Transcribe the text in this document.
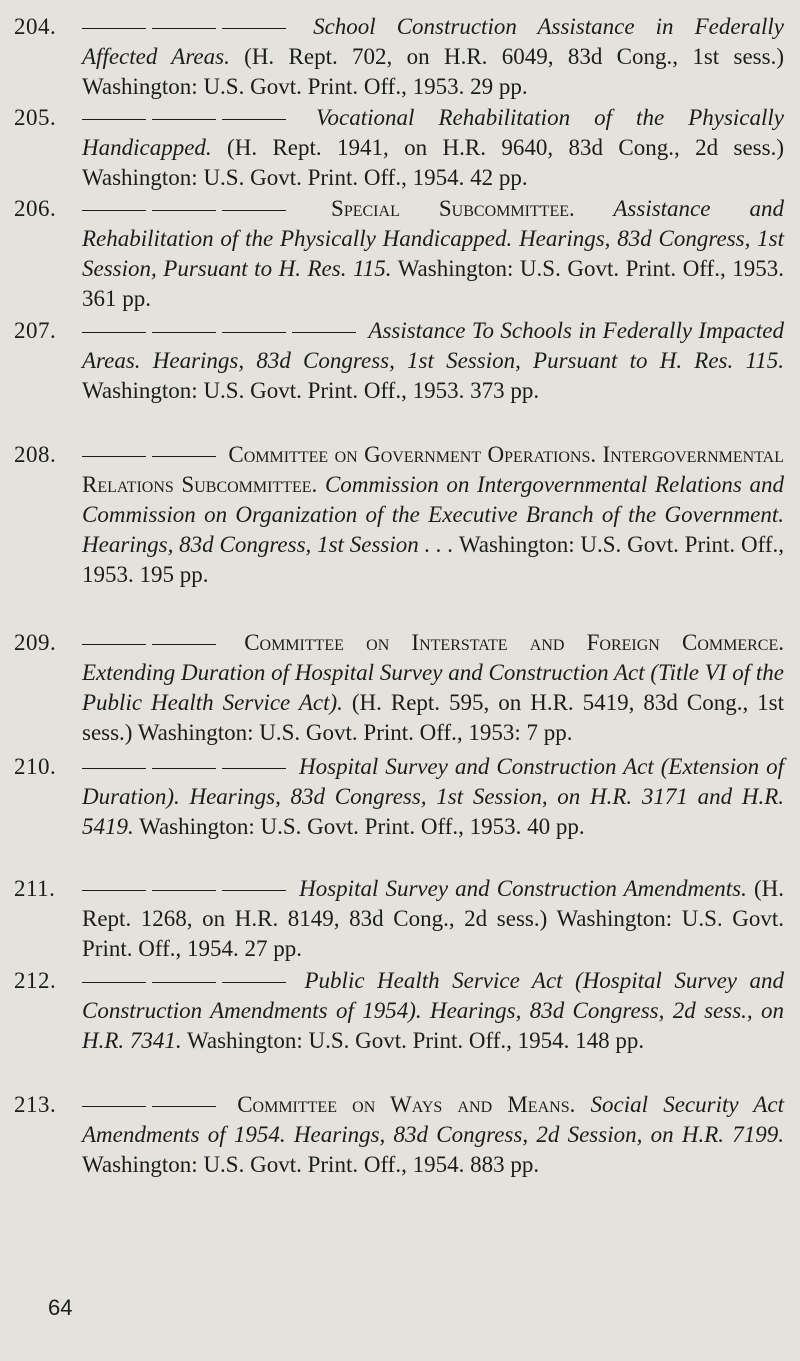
204.	School Construction Assistance in Federally Affected Areas. (H. Rept. 702, on H.R. 6049, 83d Cong., 1st sess.) Washington: U.S. Govt. Print. Off., 1953. 29 pp.
205.	Vocational Rehabilitation of the Physically Handicapped. (H. Rept. 1941, on H.R. 9640, 83d Cong., 2d sess.) Washington: U.S. Govt. Print. Off., 1954. 42 pp.
206.	Special Subcommittee. Assistance and Rehabilitation of the Physically Handicapped. Hearings, 83d Congress, 1st Session, Pursuant to H. Res. 115. Washington: U.S. Govt. Print. Off., 1953. 361 pp.
207.	Assistance To Schools in Federally Impacted Areas. Hearings, 83d Congress, 1st Session, Pursuant to H. Res. 115. Washington: U.S. Govt. Print. Off., 1953. 373 pp.
208.	Committee on Government Operations. Intergovernmental Relations Subcommittee. Commission on Intergovernmental Relations and Commission on Organization of the Executive Branch of the Government. Hearings, 83d Congress, 1st Session . . . Washington: U.S. Govt. Print. Off., 1953. 195 pp.
209.	Committee on Interstate and Foreign Commerce. Extending Duration of Hospital Survey and Construction Act (Title VI of the Public Health Service Act). (H. Rept. 595, on H.R. 5419, 83d Cong., 1st sess.) Washington: U.S. Govt. Print. Off., 1953: 7 pp.
210.	Hospital Survey and Construction Act (Extension of Duration). Hearings, 83d Congress, 1st Session, on H.R. 3171 and H.R. 5419. Washington: U.S. Govt. Print. Off., 1953. 40 pp.
211.	Hospital Survey and Construction Amendments. (H. Rept. 1268, on H.R. 8149, 83d Cong., 2d sess.) Washington: U.S. Govt. Print. Off., 1954. 27 pp.
212.	Public Health Service Act (Hospital Survey and Construction Amendments of 1954). Hearings, 83d Congress, 2d sess., on H.R. 7341. Washington: U.S. Govt. Print. Off., 1954. 148 pp.
213.	Committee on Ways and Means. Social Security Act Amendments of 1954. Hearings, 83d Congress, 2d Session, on H.R. 7199. Washington: U.S. Govt. Print. Off., 1954. 883 pp.
64
